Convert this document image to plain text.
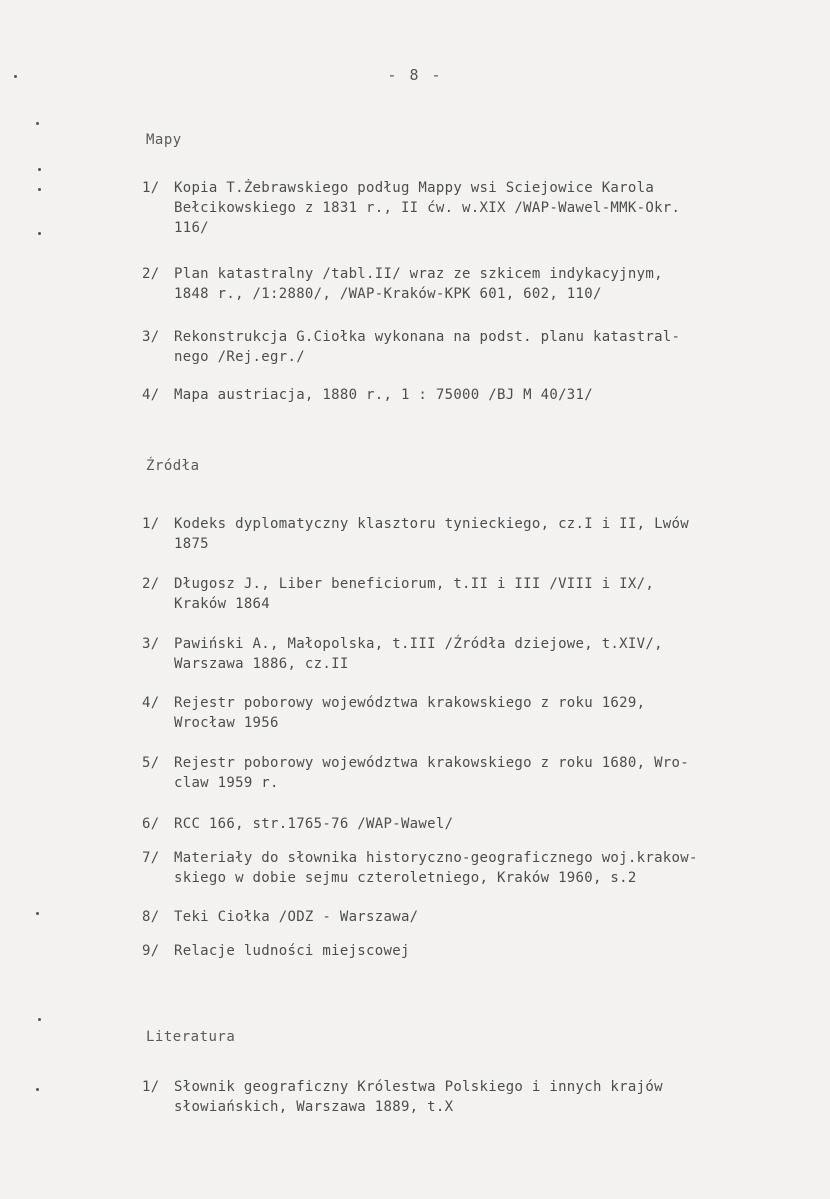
- 8 -
Mapy
1/	Kopia T.Żebrawskiego podług Mappy wsi Sciejowice Karola
Bełcikowskiego z 1831 r., II ćw. w.XIX /WAP-Wawel-MMK-Okr.
116/
2/	Plan katastralny /tabl.II/ wraz ze szkicem indykacyjnym,
1848 r., /1:2880/, /WAP-Kraków-KPK 601, 602, 110/
3/	Rekonstrukcja G.Ciołka wykonana na podst. planu katastral-
nego /Rej.egr./
4/	Mapa austriacja, 1880 r., 1 : 75000 /BJ M 40/31/
Źródła
1/	Kodeks dyplomatyczny klasztoru tynieckiego, cz.I i II, Lwów
1875
2/	Długosz J., Liber beneficiorum, t.II i III /VIII i IX/,
Kraków 1864
3/	Pawiński A., Małopolska, t.III /Źródła dziejowe, t.XIV/,
Warszawa 1886, cz.II
4/	Rejestr poborowy województwa krakowskiego z roku 1629,
Wrocław 1956
5/	Rejestr poborowy województwa krakowskiego z roku 1680, Wro-
claw 1959 r.
6/	RCC 166, str.1765-76 /WAP-Wawel/
7/	Materiały do słownika historyczno-geograficznego woj.krakow-
skiego w dobie sejmu czteroletniego, Kraków 1960, s.2
8/	Teki Ciołka /ODZ - Warszawa/
9/	Relacje ludności miejscowej
Literatura
1/	Słownik geograficzny Królestwa Polskiego i innych krajów
słowiańskich, Warszawa 1889, t.X
